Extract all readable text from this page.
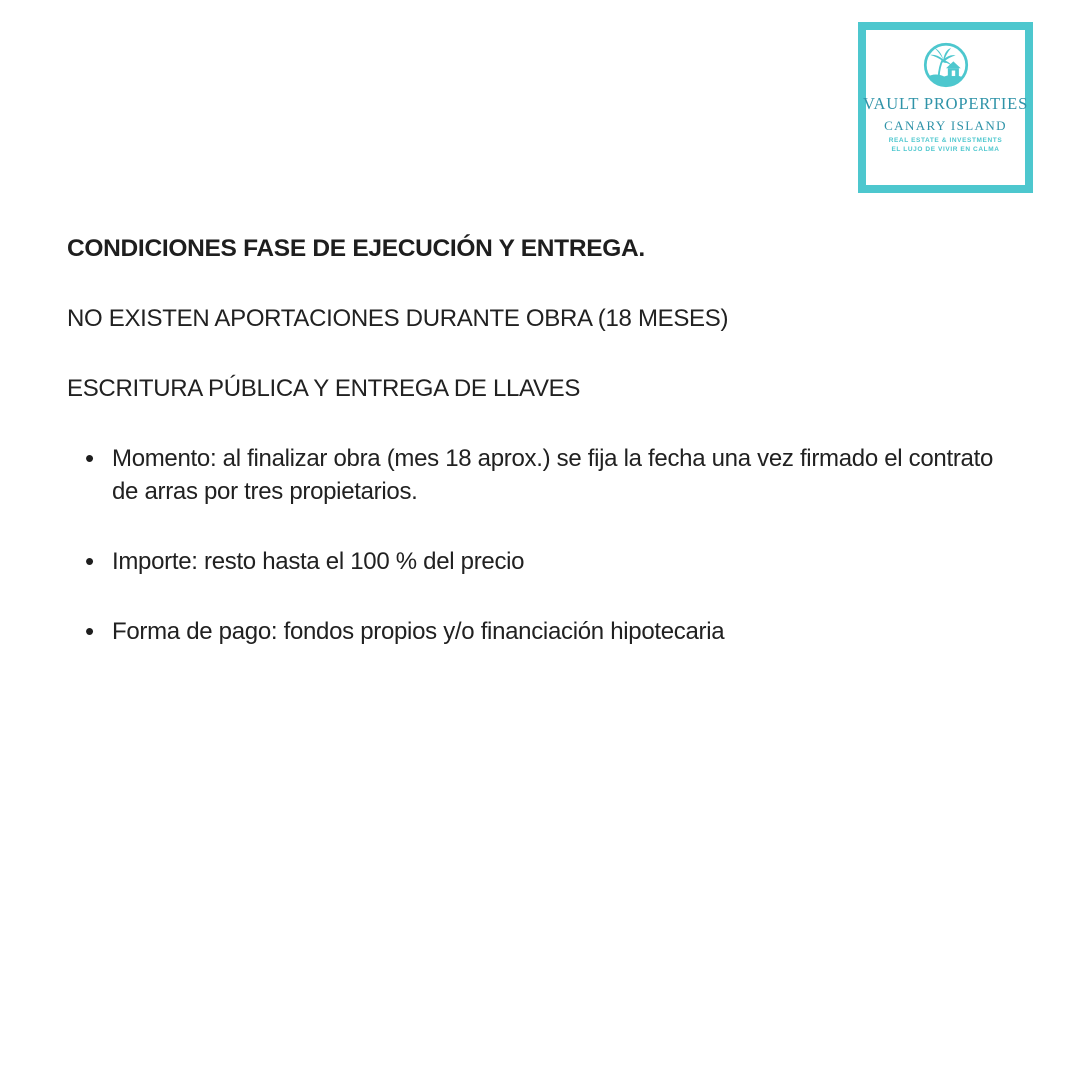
VAULT PROPERTIES
CANARY ISLAND
REAL ESTATE & INVESTMENTS
EL LUJO DE VIVIR EN CALMA
CONDICIONES FASE DE EJECUCIÓN Y ENTREGA.

NO EXISTEN APORTACIONES DURANTE OBRA (18 MESES)

ESCRITURA PÚBLICA Y ENTREGA DE LLAVES

• Momento: al finalizar obra (mes 18 aprox.) se fija la fecha una vez firmado el contrato de arras por tres propietarios.
• Importe: resto hasta el 100 % del precio
• Forma de pago: fondos propios y/o financiación hipotecaria
